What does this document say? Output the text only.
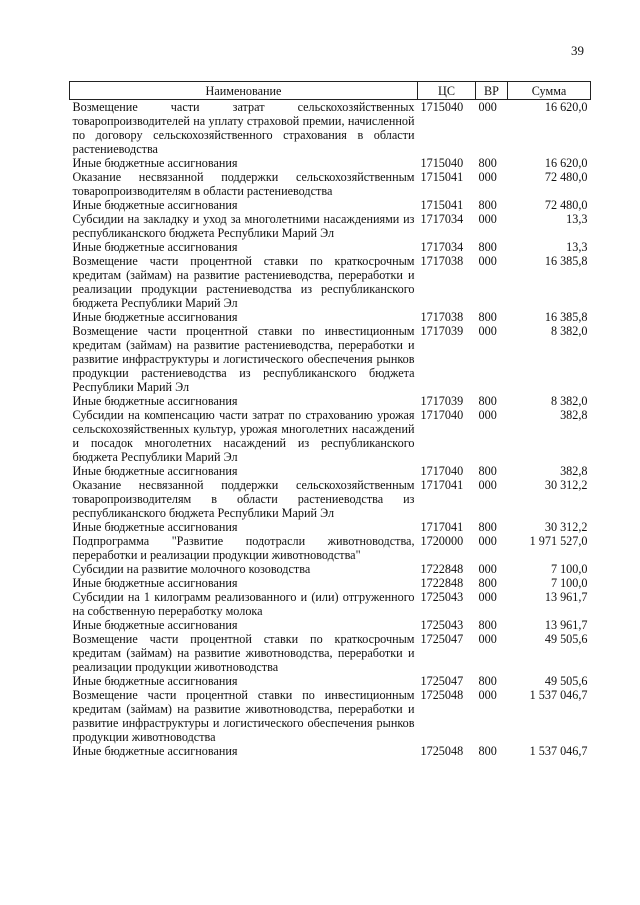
39
Наименование	ЦС	ВР	Сумма
Возмещение части затрат сельскохозяйственных товаропроизводителей на уплату страховой премии, начисленной по договору сельскохозяйственного страхования в области растениеводства	1715040	000	16 620,0
Иные бюджетные ассигнования	1715040	800	16 620,0
Оказание несвязанной поддержки сельскохозяйственным товаропроизводителям в области растениеводства	1715041	000	72 480,0
Иные бюджетные ассигнования	1715041	800	72 480,0
Субсидии на закладку и уход за многолетними насаждениями из республиканского бюджета Республики Марий Эл	1717034	000	13,3
Иные бюджетные ассигнования	1717034	800	13,3
Возмещение части процентной ставки по краткосрочным кредитам (займам) на развитие растениеводства, переработки и реализации продукции растениеводства из республиканского бюджета Республики Марий Эл	1717038	000	16 385,8
Иные бюджетные ассигнования	1717038	800	16 385,8
Возмещение части процентной ставки по инвестиционным кредитам (займам) на развитие растениеводства, переработки и развитие инфраструктуры и логистического обеспечения рынков продукции растениеводства из республиканского бюджета Республики Марий Эл	1717039	000	8 382,0
Иные бюджетные ассигнования	1717039	800	8 382,0
Субсидии на компенсацию части затрат по страхованию урожая сельскохозяйственных культур, урожая многолетних насаждений и посадок многолетних насаждений из республиканского бюджета Республики Марий Эл	1717040	000	382,8
Иные бюджетные ассигнования	1717040	800	382,8
Оказание несвязанной поддержки сельскохозяйственным товаропроизводителям в области растениеводства из республиканского бюджета Республики Марий Эл	1717041	000	30 312,2
Иные бюджетные ассигнования	1717041	800	30 312,2
Подпрограмма "Развитие подотрасли животноводства, переработки и реализации продукции животноводства"	1720000	000	1 971 527,0
Субсидии на развитие молочного козоводства	1722848	000	7 100,0
Иные бюджетные ассигнования	1722848	800	7 100,0
Субсидии на 1 килограмм реализованного и (или) отгруженного на собственную переработку молока	1725043	000	13 961,7
Иные бюджетные ассигнования	1725043	800	13 961,7
Возмещение части процентной ставки по краткосрочным кредитам (займам) на развитие животноводства, переработки и реализации продукции животноводства	1725047	000	49 505,6
Иные бюджетные ассигнования	1725047	800	49 505,6
Возмещение части процентной ставки по инвестиционным кредитам (займам) на развитие животноводства, переработки и развитие инфраструктуры и логистического обеспечения рынков продукции животноводства	1725048	000	1 537 046,7
Иные бюджетные ассигнования	1725048	800	1 537 046,7
